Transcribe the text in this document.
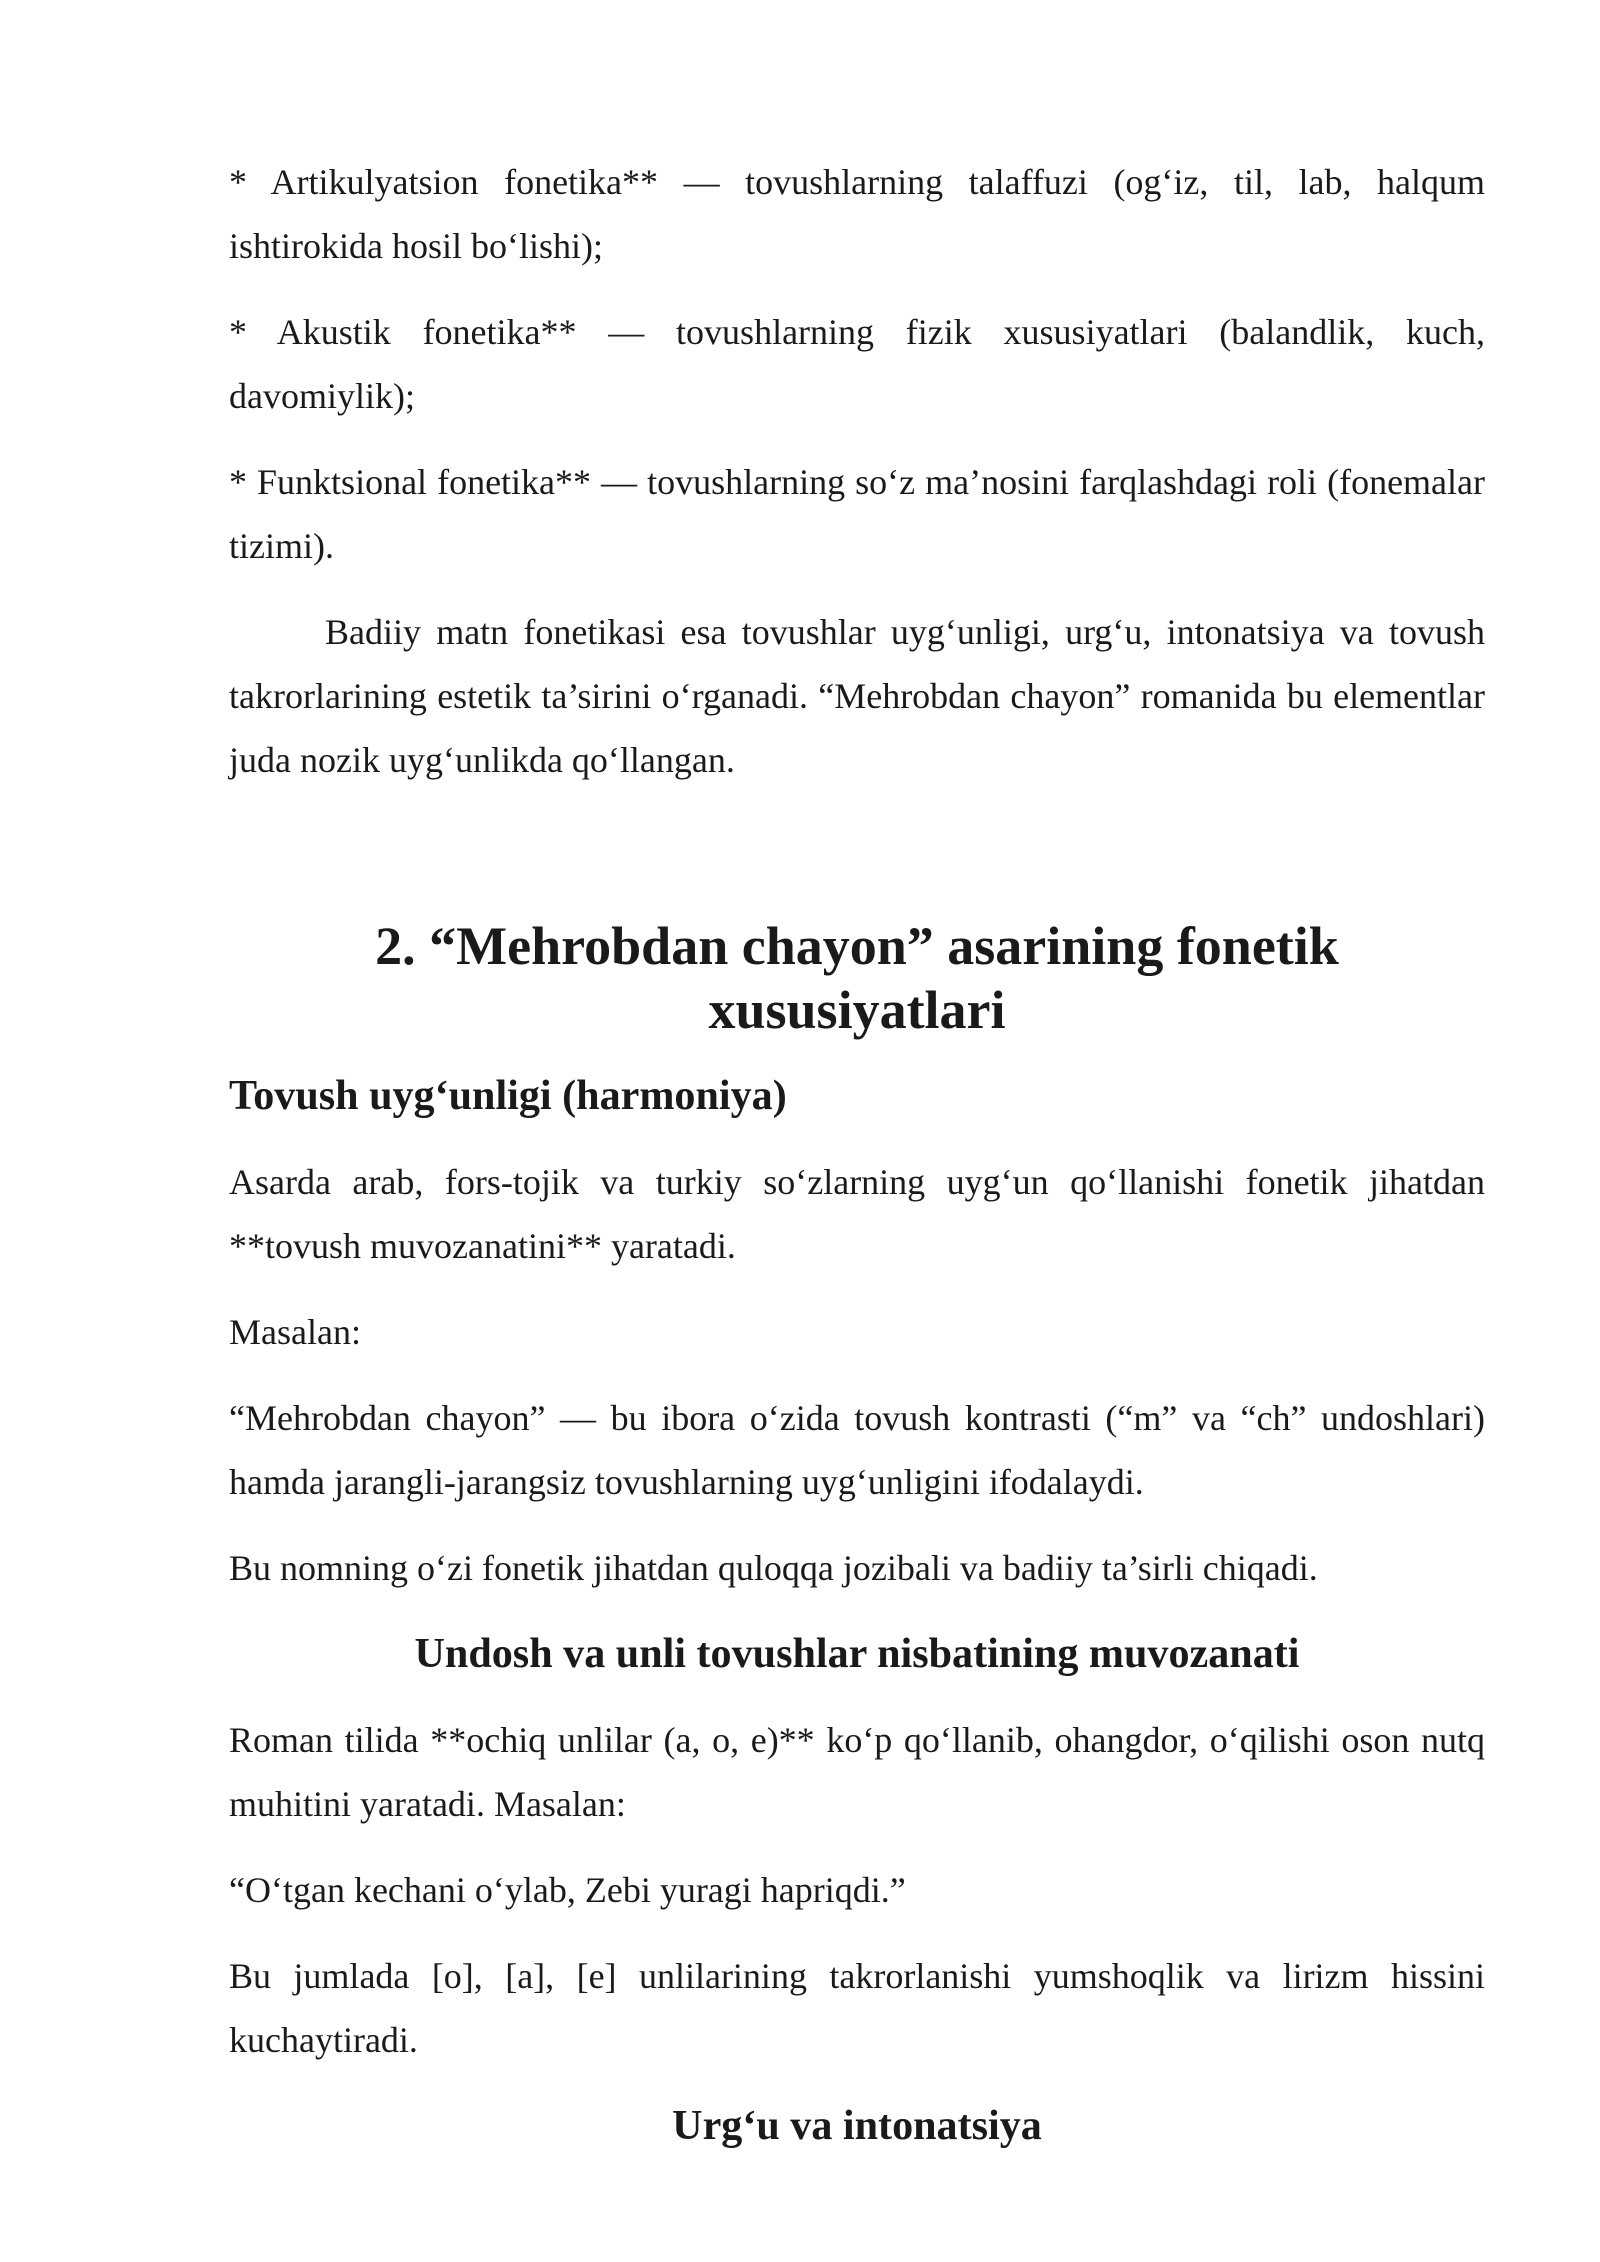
* Artikulyatsion fonetika** — tovushlarning talaffuzi (og‘iz, til, lab, halqum ishtirokida hosil bo‘lishi);

* Akustik fonetika** — tovushlarning fizik xususiyatlari (balandlik, kuch, davomiylik);

* Funktsional fonetika** — tovushlarning so‘z ma’nosini farqlashdagi roli (fonemalar tizimi).

Badiiy matn fonetikasi esa tovushlar uyg‘unligi, urg‘u, intonatsiya va tovush takrorlarining estetik ta’sirini o‘rganadi. “Mehrobdan chayon” romanida bu elementlar juda nozik uyg‘unlikda qo‘llangan.

2. “Mehrobdan chayon” asarining fonetik xususiyatlari
Tovush uyg‘unligi (harmoniya)

Asarda arab, fors-tojik va turkiy so‘zlarning uyg‘un qo‘llanishi fonetik jihatdan **tovush muvozanatini** yaratadi.

Masalan:

“Mehrobdan chayon” — bu ibora o‘zida tovush kontrasti (“m” va “ch” undoshlari) hamda jarangli-jarangsiz tovushlarning uyg‘unligini ifodalaydi.

Bu nomning o‘zi fonetik jihatdan quloqqa jozibali va badiiy ta’sirli chiqadi.

Undosh va unli tovushlar nisbatining muvozanati

Roman tilida **ochiq unlilar (a, o, e)** ko‘p qo‘llanib, ohangdor, o‘qilishi oson nutq muhitini yaratadi. Masalan:

“O‘tgan kechani o‘ylab, Zebi yuragi hapriqdi.”

Bu jumlada [o], [a], [e] unlilarining takrorlanishi yumshoqlik va lirizm hissini kuchaytiradi.

Urg‘u va intonatsiya
